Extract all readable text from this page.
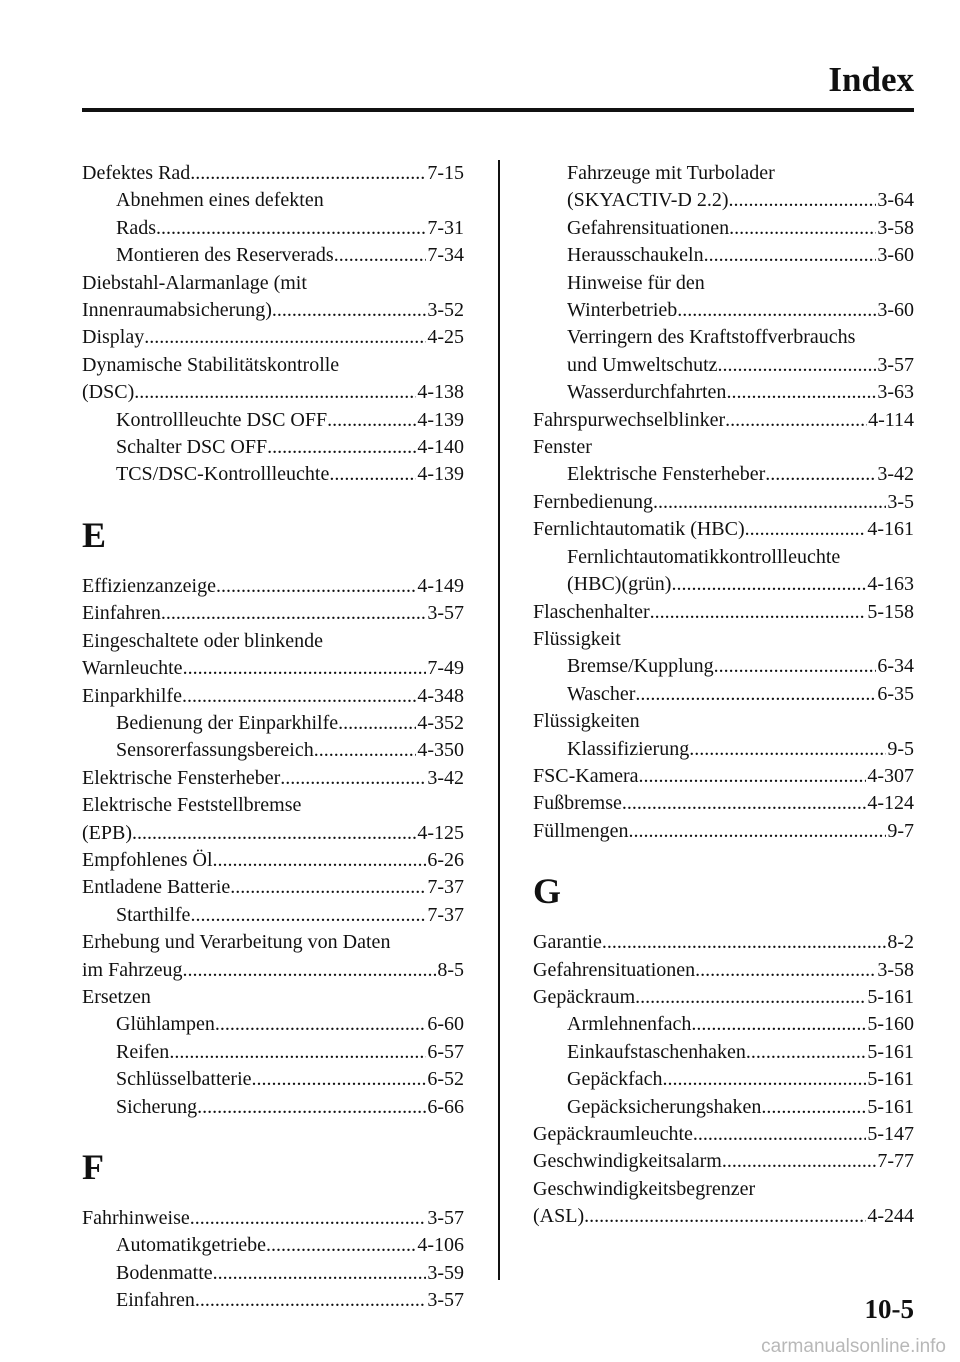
Index
Defektes Rad .....	7-15
Abnehmen eines defekten
Rads .....	7-31
Montieren des Reserverads .....	7-34
Diebstahl-Alarmanlage (mit
Innenraumabsicherung) .....	3-52
Display .....	4-25
Dynamische Stabilitätskontrolle
(DSC) .....	4-138
Kontrollleuchte DSC OFF .....	4-139
Schalter DSC OFF .....	4-140
TCS/DSC-Kontrollleuchte .....	4-139
E
Effizienzanzeige .....	4-149
Einfahren .....	3-57
Eingeschaltete oder blinkende
Warnleuchte .....	7-49
Einparkhilfe .....	4-348
Bedienung der Einparkhilfe .....	4-352
Sensorerfassungsbereich .....	4-350
Elektrische Fensterheber .....	3-42
Elektrische Feststellbremse
(EPB) .....	4-125
Empfohlenes Öl .....	6-26
Entladene Batterie .....	7-37
Starthilfe .....	7-37
Erhebung und Verarbeitung von Daten
im Fahrzeug .....	8-5
Ersetzen
Glühlampen .....	6-60
Reifen .....	6-57
Schlüsselbatterie .....	6-52
Sicherung .....	6-66
F
Fahrhinweise .....	3-57
Automatikgetriebe .....	4-106
Bodenmatte .....	3-59
Einfahren .....	3-57
Fahrzeuge mit Turbolader
(SKYACTIV-D 2.2) .....	3-64
Gefahrensituationen .....	3-58
Herausschaukeln .....	3-60
Hinweise für den
Winterbetrieb .....	3-60
Verringern des Kraftstoffverbrauchs
und Umweltschutz .....	3-57
Wasserdurchfahrten .....	3-63
Fahrspurwechselblinker .....	4-114
Fenster
Elektrische Fensterheber .....	3-42
Fernbedienung .....	3-5
Fernlichtautomatik (HBC) .....	4-161
Fernlichtautomatikkontrollleuchte
(HBC)(grün) .....	4-163
Flaschenhalter .....	5-158
Flüssigkeit
Bremse/Kupplung .....	6-34
Wascher .....	6-35
Flüssigkeiten
Klassifizierung .....	9-5
FSC-Kamera .....	4-307
Fußbremse .....	4-124
Füllmengen .....	9-7
G
Garantie .....	8-2
Gefahrensituationen .....	3-58
Gepäckraum .....	5-161
Armlehnenfach .....	5-160
Einkaufstaschenhaken .....	5-161
Gepäckfach .....	5-161
Gepäcksicherungshaken .....	5-161
Gepäckraumleuchte .....	5-147
Geschwindigkeitsalarm .....	7-77
Geschwindigkeitsbegrenzer
(ASL) .....	4-244
10-5
carmanualsonline.info
